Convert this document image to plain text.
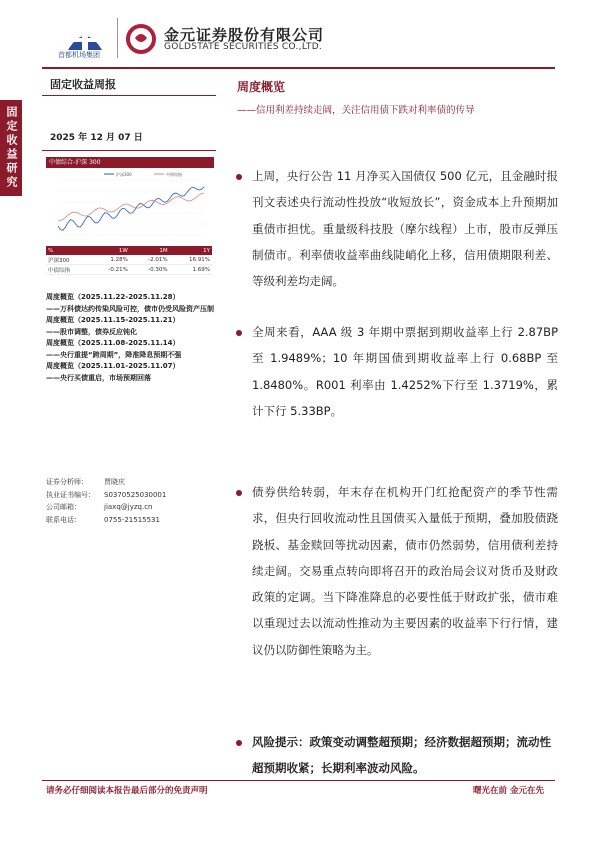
首都机场集团
金元证券股份有限公司
GOLDSTATE SECURITIES CO.,LTD.
固定收益研究
固定收益周报
2025 年 12 月 07 日
中债综合-沪深 300
沪深300	中债综指
%	1W	1M	1Y
沪深300	1.28%	-2.01%	16.91%
中债综指	-0.21%	-0.30%	1.69%
周度概览（2025.11.22-2025.11.28）
——万科债达约传染风险可控，债市仍受风险资产压制
周度概览（2025.11.15-2025.11.21）
——股市调整，债券反应钝化
周度概览（2025.11.08-2025.11.14）
——央行重提“跨周期”，降准降息预期不强
周度概览（2025.11.01-2025.11.07）
——央行买债重启，市场预期回落
证券分析师： 贾晓庆
执业证书编号： S0370525030001
公司邮箱：	jiaxq@jyzq.cn
联系电话：	0755-21515531
周度概览
——信用利差持续走阔，关注信用债下跌对利率债的传导
上周，央行公告 11 月净买入国债仅 500 亿元，且金融时报刊文表述央行流动性投放“收短放长”，资金成本上升预期加重债市担忧。重量级科技股（摩尔线程）上市，股市反弹压制债市。利率债收益率曲线陡峭化上移，信用债期限利差、等级利差均走阔。
全周来看，AAA 级 3 年期中票据到期收益率上行 2.87BP 至 1.9489%；10 年期国债到期收益率上行 0.68BP 至 1.8480%。R001 利率由 1.4252%下行至 1.3719%，累计下行 5.33BP。
债券供给转弱，年末存在机构开门红抢配资产的季节性需求，但央行回收流动性且国债买入量低于预期，叠加股债跷跷板、基金赎回等扰动因素，债市仍然弱势，信用债利差持续走阔。交易重点转向即将召开的政治局会议对货币及财政政策的定调。当下降准降息的必要性低于财政扩张，债市难以重现过去以流动性推动为主要因素的收益率下行行情，建议仍以防御性策略为主。
风险提示：政策变动调整超预期；经济数据超预期；流动性超预期收紧；长期利率波动风险。
请务必仔细阅读本报告最后部分的免责声明	曙光在前 金元在先
